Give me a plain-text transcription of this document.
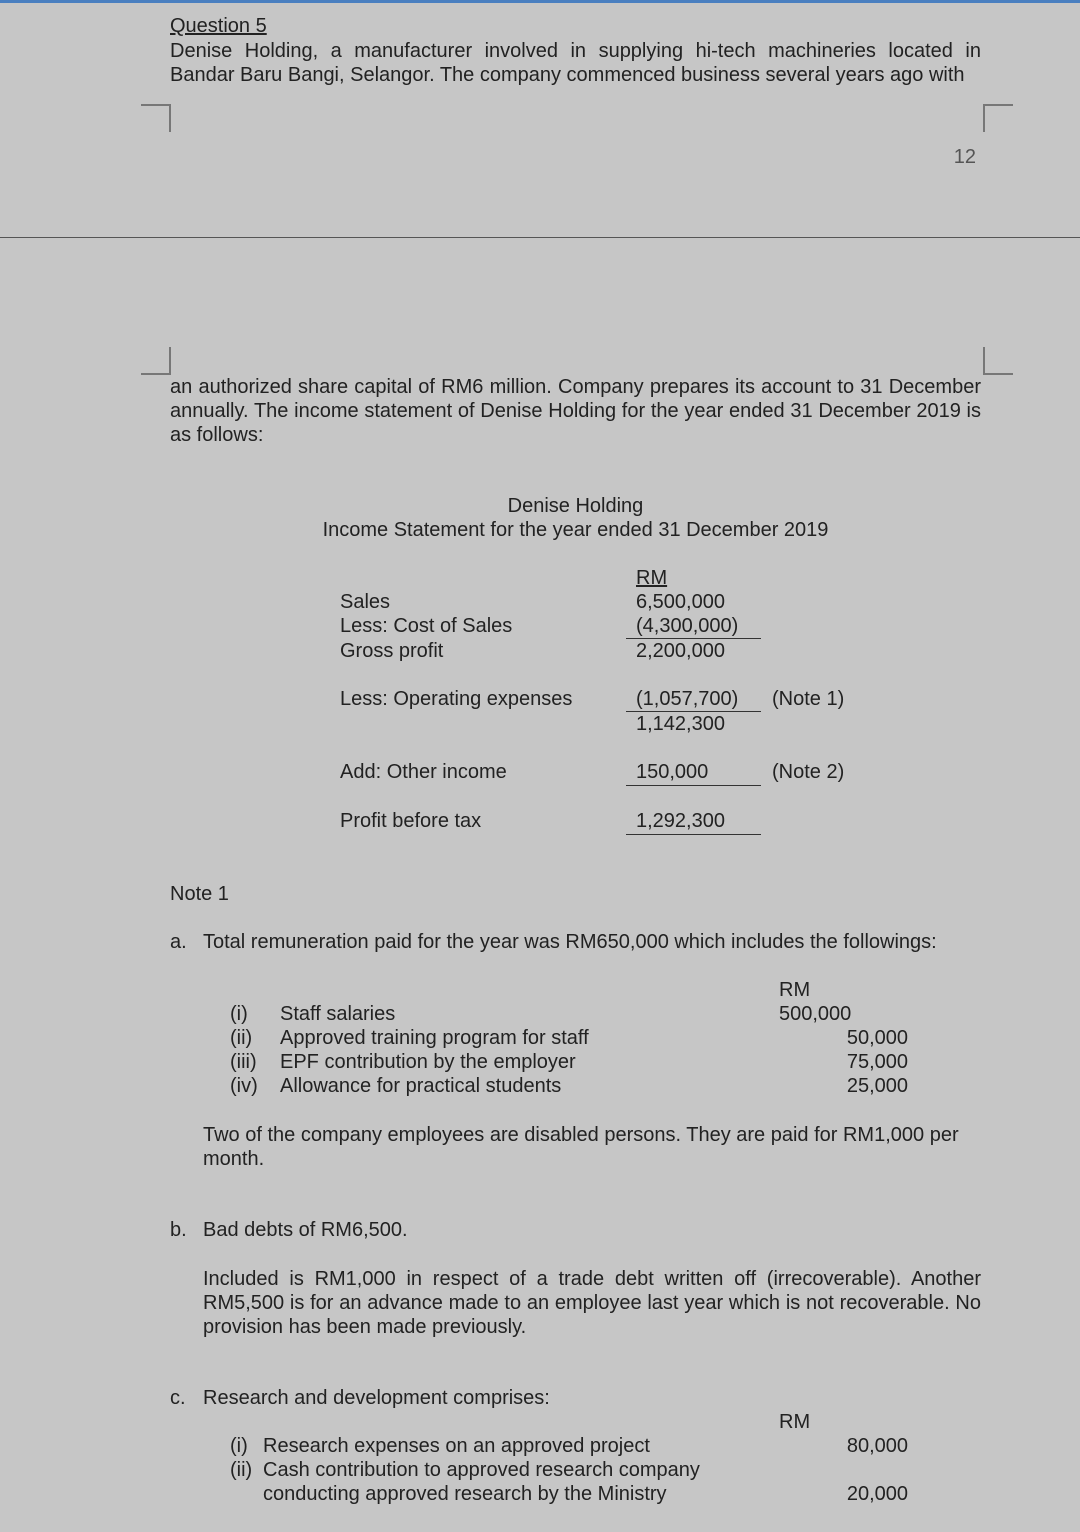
Question 5
Denise Holding, a manufacturer involved in supplying hi-tech machineries located in Bandar Baru Bangi, Selangor. The company commenced business several years ago with
12
an authorized share capital of RM6 million. Company prepares its account to 31 December annually. The income statement of Denise Holding for the year ended 31 December 2019 is as follows:
Denise Holding
Income Statement for the year ended 31 December 2019
RM
Sales	6,500,000
Less: Cost of Sales	(4,300,000)
Gross profit	2,200,000
Less: Operating expenses	(1,057,700) (Note 1)
1,142,300
Add: Other income	150,000	(Note 2)
Profit before tax	1,292,300
Note 1
a. Total remuneration paid for the year was RM650,000 which includes the followings:
RM
(i) Staff salaries	500,000
(ii) Approved training program for staff	50,000
(iii) EPF contribution by the employer	75,000
(iv) Allowance for practical students	25,000
Two of the company employees are disabled persons. They are paid for RM1,000 per month.
b. Bad debts of RM6,500.
Included is RM1,000 in respect of a trade debt written off (irrecoverable). Another RM5,500 is for an advance made to an employee last year which is not recoverable. No provision has been made previously.
c. Research and development comprises:
RM
(i) Research expenses on an approved project	80,000
(ii) Cash contribution to approved research company
conducting approved research by the Ministry	20,000
